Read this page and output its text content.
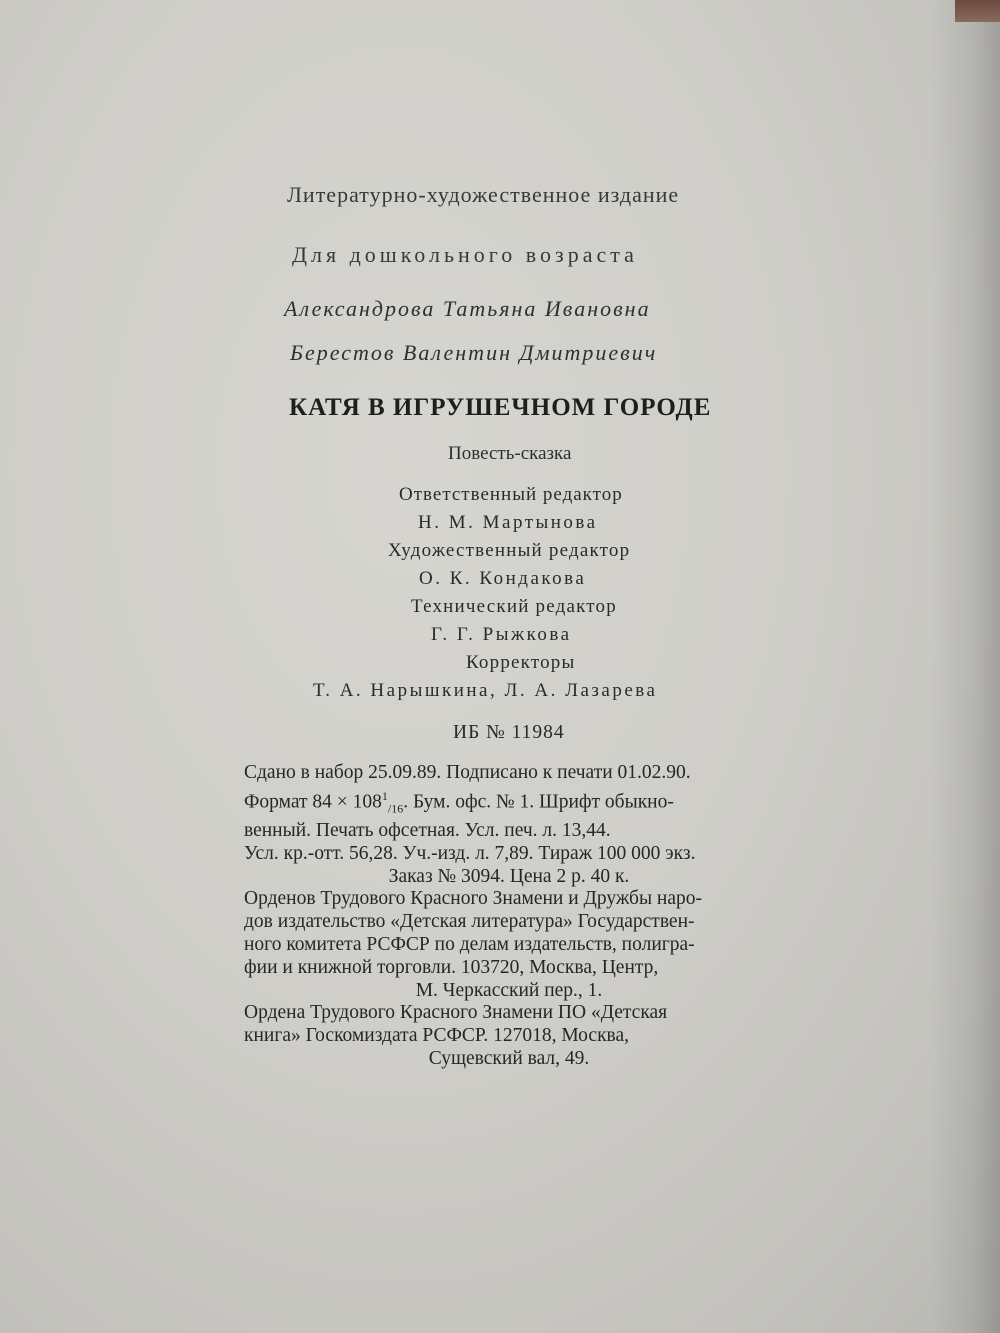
Литературно-художественное издание

Для дошкольного возраста

Александрова Татьяна Ивановна

Берестов Валентин Дмитриевич

КАТЯ В ИГРУШЕЧНОМ ГОРОДЕ

Повесть-сказка

Ответственный редактор

Н. М. Мартынова

Художественный редактор

О. К. Кондакова

Технический редактор

Г. Г. Рыжкова

Корректоры

Т. А. Нарышкина, Л. А. Лазарева

ИБ № 11984

Сдано в набор 25.09.89. Подписано к печати 01.02.90.
Формат $84 \times 108^1_{/16}$. Бум. офс. № 1. Шрифт обыкно-
венный. Печать офсетная. Усл. печ. л. 13,44.
Усл. кр.-отт. 56,28. Уч.-изд. л. 7,89. Тираж 100 000 экз.
Заказ № 3094. Цена 2 р. 40 к.
Орденов Трудового Красного Знамени и Дружбы наро-
дов издательство «Детская литература» Государствен-
ного комитета РСФСР по делам издательств, полигра-
фии и книжной торговли. 103720, Москва, Центр,
М. Черкасский пер., 1.
Ордена Трудового Красного Знамени ПО «Детская
книга» Госкомиздата РСФСР. 127018, Москва,
Сущевский вал, 49.
